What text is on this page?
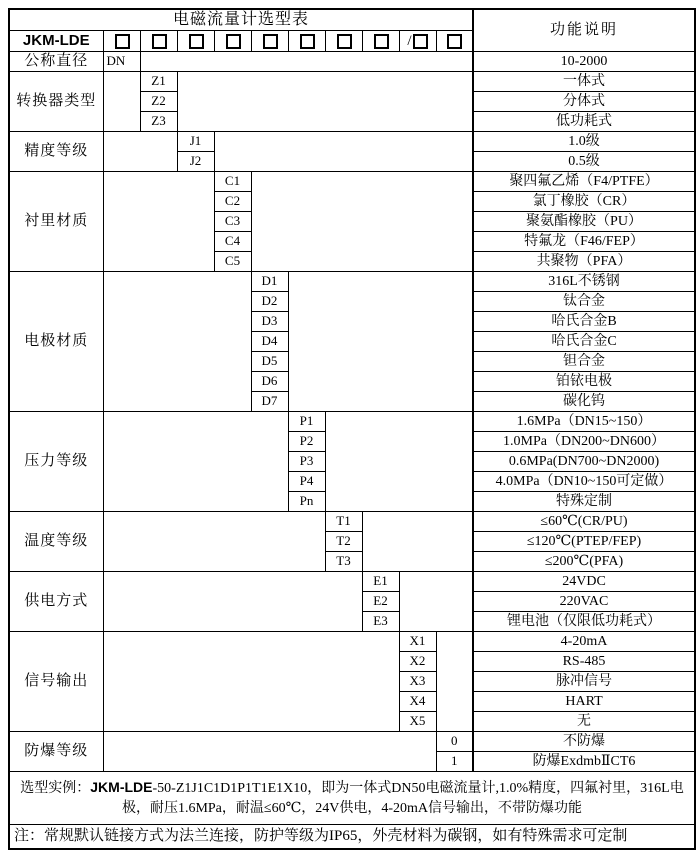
电磁流量计选型表											功能说明
JKM-LDE									/		
公称直径	DN										10-2000
转换器类型		Z1									一体式
		Z2									分体式
		Z3									低功耗式
精度等级			J1								1.0级
			J2								0.5级
衬里材质				C1							聚四氟乙烯（F4/PTFE）
				C2							氯丁橡胶（CR）
				C3							聚氨酯橡胶（PU）
				C4							特氟龙（F46/FEP）
				C5							共聚物（PFA）
电极材质					D1						316L不锈钢
					D2						钛合金
					D3						哈氏合金B
					D4						哈氏合金C
					D5						钽合金
					D6						铂铱电极
					D7						碳化钨
压力等级						P1					1.6MPa（DN15~150）
						P2					1.0MPa（DN200~DN600）
						P3					0.6MPa(DN700~DN2000)
						P4					4.0MPa（DN10~150可定做）
						Pn					特殊定制
温度等级							T1				≤60℃(CR/PU)
							T2				≤120℃(PTEP/FEP)
							T3				≤200℃(PFA)
供电方式								E1			24VDC
								E2			220VAC
								E3			锂电池（仅限低功耗式）
信号输出									X1		4-20mA
									X2		RS-485
									X3		脉冲信号
									X4		HART
									X5		无
防爆等级										0	不防爆
										1	防爆ExdmbⅡCT6
选型实例：JKM-LDE-50-Z1J1C1D1P1T1E1X10，即为一体式DN50电磁流量计,1.0%精度，四氟衬里，316L电极，耐压1.6MPa，耐温≤60℃，24V供电，4-20mA信号输出，不带防爆功能											
注：常规默认链接方式为法兰连接，防护等级为IP65，外壳材料为碳钢，如有特殊需求可定制											
